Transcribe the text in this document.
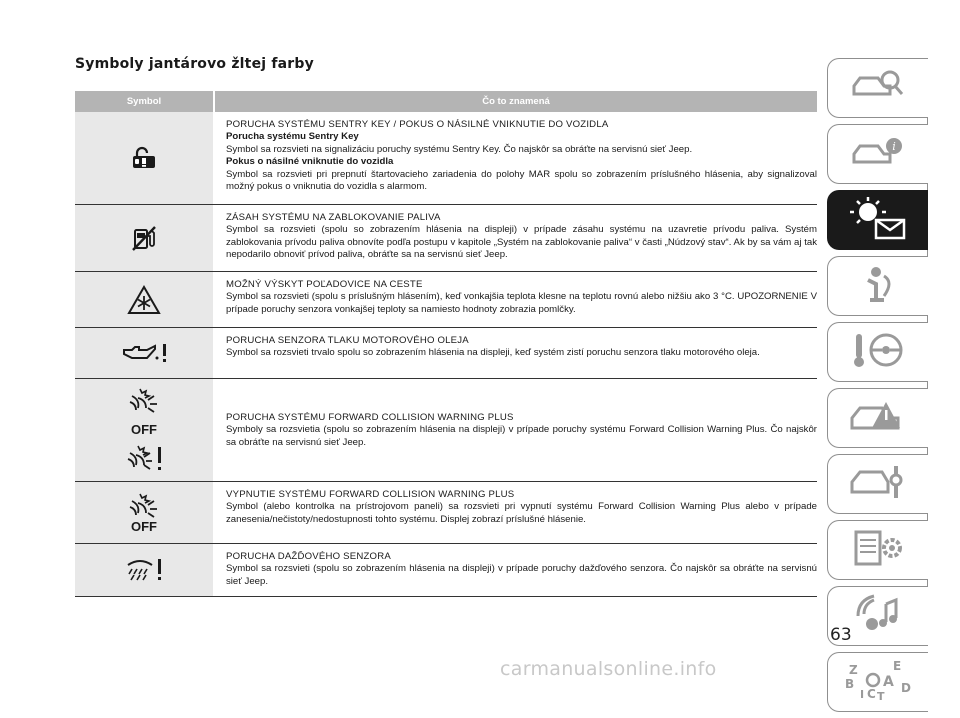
Symboly jantárovo žltej farby
Symbol	Čo to znamená
PORUCHA SYSTÉMU SENTRY KEY / POKUS O NÁSILNÉ VNIKNUTIE DO VOZIDLA
Porucha systému Sentry Key
Symbol sa rozsvieti na signalizáciu poruchy systému Sentry Key. Čo najskôr sa obráťte na servisnú sieť Jeep.
Pokus o násilné vniknutie do vozidla
Symbol sa rozsvieti pri prepnutí štartovacieho zariadenia do polohy MAR spolu so zobrazením príslušného hlásenia, aby signalizoval možný pokus o vniknutia do vozidla s alarmom.
ZÁSAH SYSTÉMU NA ZABLOKOVANIE PALIVA
Symbol sa rozsvieti (spolu so zobrazením hlásenia na displeji) v prípade zásahu systému na uzavretie prívodu paliva. Systém zablokovania prívodu paliva obnovíte podľa postupu v kapitole „Systém na zablokovanie paliva“ v časti „Núdzový stav“. Ak by sa vám aj tak nepodarilo obnoviť prívod paliva, obráťte sa na servisnú sieť Jeep.
MOŽNÝ VÝSKYT POĽADOVICE NA CESTE
Symbol sa rozsvieti (spolu s príslušným hlásením), keď vonkajšia teplota klesne na teplotu rovnú alebo nižšiu ako 3 °C. UPOZORNENIE V prípade poruchy senzora vonkajšej teploty sa namiesto hodnoty zobrazia pomlčky.
PORUCHA SENZORA TLAKU MOTOROVÉHO OLEJA
Symbol sa rozsvieti trvalo spolu so zobrazením hlásenia na displeji, keď systém zistí poruchu senzora tlaku motorového oleja.
OFF
PORUCHA SYSTÉMU FORWARD COLLISION WARNING PLUS
Symboly sa rozsvietia (spolu so zobrazením hlásenia na displeji) v prípade poruchy systému Forward Collision Warning Plus. Čo najskôr sa obráťte na servisnú sieť Jeep.
OFF
VYPNUTIE SYSTÉMU FORWARD COLLISION WARNING PLUS
Symbol (alebo kontrolka na prístrojovom paneli) sa rozsvieti pri vypnutí systému Forward Collision Warning Plus alebo v prípade zanesenia/nečistoty/nedostupnosti tohto systému. Displej zobrazí príslušné hlásenie.
PORUCHA DAŽĎOVÉHO SENZORA
Symbol sa rozsvieti (spolu so zobrazením hlásenia na displeji) v prípade poruchy dažďového senzora. Čo najskôr sa obráťte na servisnú sieť Jeep.
i
Z	E
B A
C T
D
I
63
carmanualsonline.info
